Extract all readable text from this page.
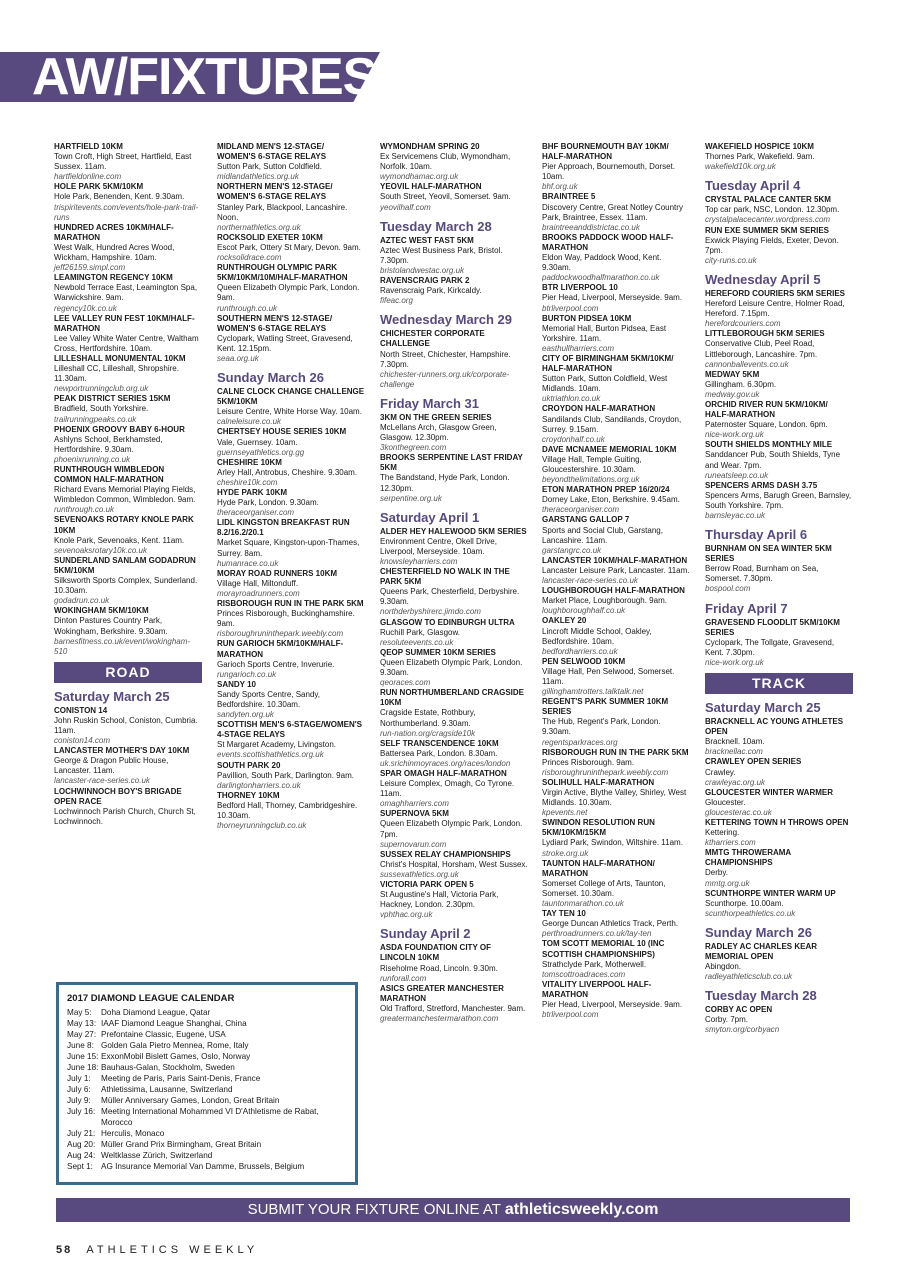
AW/FIXTURES
HARTFIELD 10KM
Town Croft, High Street, Hartfield, East Sussex. 11am.
hartfieldonline.com
HOLE PARK 5KM/10KM
Hole Park, Benenden, Kent. 9.30am.
trispiritevents.com/events/hole-park-trail-runs
HUNDRED ACRES 10KM/HALF-MARATHON
West Walk, Hundred Acres Wood, Wickham, Hampshire. 10am.
jeff26159.simpl.com
LEAMINGTON REGENCY 10KM
Newbold Terrace East, Leamington Spa, Warwickshire. 9am.
regency10k.co.uk
LEE VALLEY RUN FEST 10KM/HALF-MARATHON
Lee Valley White Water Centre, Waltham Cross, Hertfordshire. 10am.
LILLESHALL MONUMENTAL 10KM
Lilleshall CC, Lilleshall, Shropshire. 11.30am.
newportrunningclub.org.uk
PEAK DISTRICT SERIES 15KM
Bradfield, South Yorkshire.
trailrunningpeaks.co.uk
PHOENIX GROOVY BABY 6-HOUR
Ashlyns School, Berkhamsted, Hertfordshire. 9.30am.
phoenixrunning.co.uk
RUNTHROUGH WIMBLEDON COMMON HALF-MARATHON
Richard Evans Memorial Playing Fields, Wimbledon Common, Wimbledon. 9am.
runthrough.co.uk
SEVENOAKS ROTARY KNOLE PARK 10KM
Knole Park, Sevenoaks, Kent. 11am.
sevenoaksrotary10k.co.uk
SUNDERLAND SANLAM GODADRUN 5KM/10KM
Silksworth Sports Complex, Sunderland. 10.30am.
godadrun.co.uk
WOKINGHAM 5KM/10KM
Dinton Pastures Country Park, Wokingham, Berkshire. 9.30am.
barnesfitness.co.uk/event/wokingham-510
ROAD
Saturday March 25
CONISTON 14
John Ruskin School, Coniston, Cumbria. 11am.
coniston14.com
LANCASTER MOTHER'S DAY 10KM
George & Dragon Public House, Lancaster. 11am.
lancaster-race-series.co.uk
LOCHWINNOCH BOY'S BRIGADE OPEN RACE
Lochwinnoch Parish Church, Church St, Lochwinnoch.
MIDLAND MEN'S 12-STAGE/ WOMEN'S 6-STAGE RELAYS
Sutton Park, Sutton Coldfield.
midlandathletics.org.uk
NORTHERN MEN'S 12-STAGE/ WOMEN'S 6-STAGE RELAYS
Stanley Park, Blackpool, Lancashire. Noon.
northernathletics.org.uk
ROCKSOLID EXETER 10KM
Escot Park, Ottery St Mary, Devon. 9am.
rocksolidrace.com
RUNTHROUGH OLYMPIC PARK 5KM/10KM/10M/HALF-MARATHON
Queen Elizabeth Olympic Park, London. 9am.
runthrough.co.uk
SOUTHERN MEN'S 12-STAGE/ WOMEN'S 6-STAGE RELAYS
Cyclopark, Watling Street, Gravesend, Kent. 12.15pm.
seaa.org.uk
Sunday March 26
CALNE CLOCK CHANGE CHALLENGE 5KM/10KM
Leisure Centre, White Horse Way. 10am.
calneleisure.co.uk
CHERTSEY HOUSE SERIES 10KM
Vale, Guernsey. 10am.
guernseyathletics.org.gg
CHESHIRE 10KM
Arley Hall, Antrobus, Cheshire. 9.30am.
cheshire10k.com
HYDE PARK 10KM
Hyde Park, London. 9.30am.
theraceorganiser.com
LIDL KINGSTON BREAKFAST RUN 8.2/16.2/20.1
Market Square, Kingston-upon-Thames, Surrey. 8am.
humanrace.co.uk
MORAY ROAD RUNNERS 10KM
Village Hall, Miltonduff.
morayroadrunners.com
RISBOROUGH RUN IN THE PARK 5KM
Princes Risborough, Buckinghamshire. 9am.
risboroughruninthepark.weebly.com
RUN GARIOCH 5KM/10KM/HALF-MARATHON
Garioch Sports Centre, Inverurie.
rungarioch.co.uk
SANDY 10
Sandy Sports Centre, Sandy, Bedfordshire. 10.30am.
sandyten.org.uk
SCOTTISH MEN'S 6-STAGE/WOMEN'S 4-STAGE RELAYS
St Margaret Academy, Livingston.
events.scottishathletics.org.uk
SOUTH PARK 20
Pavillion, South Park, Darlington. 9am.
darlingtonharriers.co.uk
THORNEY 10KM
Bedford Hall, Thorney, Cambridgeshire. 10.30am.
thorneyrunningclub.co.uk
WYMONDHAM SPRING 20
Ex Servicemens Club, Wymondham, Norfolk. 10am.
wymondhamac.org.uk
YEOVIL HALF-MARATHON
South Street, Yeovil, Somerset. 9am.
yeovilhalf.com
Tuesday March 28
AZTEC WEST FAST 5KM
Aztec West Business Park, Bristol. 7.30pm.
bristolandwestac.org.uk
RAVENSCRAIG PARK 2
Ravenscraig Park, Kirkcaldy.
fifeac.org
Wednesday March 29
CHICHESTER CORPORATE CHALLENGE
North Street, Chichester, Hampshire. 7.30pm.
chichester-runners.org.uk/corporate-challenge
Friday March 31
3KM ON THE GREEN SERIES
McLellans Arch, Glasgow Green, Glasgow. 12.30pm.
3konthegreen.com
BROOKS SERPENTINE LAST FRIDAY 5KM
The Bandstand, Hyde Park, London. 12.30pm.
serpentine.org.uk
Saturday April 1
ALDER HEY HALEWOOD 5KM SERIES
Environment Centre, Okell Drive, Liverpool, Merseyside. 10am.
knowsleyharriers.com
CHESTERFIELD NO WALK IN THE PARK 5KM
Queens Park, Chesterfield, Derbyshire. 9.30am.
northderbyshirerc.jimdo.com
GLASGOW TO EDINBURGH ULTRA
Ruchill Park, Glasgow.
resoluteevents.co.uk
QEOP SUMMER 10KM SERIES
Queen Elizabeth Olympic Park, London. 9.30am.
qeoraces.com
RUN NORTHUMBERLAND CRAGSIDE 10KM
Cragside Estate, Rothbury, Northumberland. 9.30am.
run-nation.org/cragside10k
SELF TRANSCENDENCE 10KM
Battersea Park, London. 8.30am.
uk.srichinmoyraces.org/races/london
SPAR OMAGH HALF-MARATHON
Leisure Complex, Omagh, Co Tyrone. 11am.
omaghharriers.com
SUPERNOVA 5KM
Queen Elizabeth Olympic Park, London. 7pm.
supernovarun.com
SUSSEX RELAY CHAMPIONSHIPS
Christ's Hospital, Horsham, West Sussex.
sussexathletics.org.uk
VICTORIA PARK OPEN 5
St Augustine's Hall, Victoria Park, Hackney, London. 2.30pm.
vphthac.org.uk
Sunday April 2
ASDA FOUNDATION CITY OF LINCOLN 10KM
Riseholme Road, Lincoln. 9.30m.
runforall.com
ASICS GREATER MANCHESTER MARATHON
Old Trafford, Stretford, Manchester. 9am.
greatermanchestermarathon.com
BHF BOURNEMOUTH BAY 10KM/ HALF-MARATHON
Pier Approach, Bournemouth, Dorset. 10am.
bhf.org.uk
BRAINTREE 5
Discovery Centre, Great Notley Country Park, Braintree, Essex. 11am.
braintreeanddistrictac.co.uk
BROOKS PADDOCK WOOD HALF-MARATHON
Eldon Way, Paddock Wood, Kent. 9.30am.
paddockwoodhalfmarathon.co.uk
BTR LIVERPOOL 10
Pier Head, Liverpool, Merseyside. 9am.
btrliverpool.com
BURTON PIDSEA 10KM
Memorial Hall, Burton Pidsea, East Yorkshire. 11am.
easthullharriers.com
CITY OF BIRMINGHAM 5KM/10KM/ HALF-MARATHON
Sutton Park, Sutton Coldfield, West Midlands. 10am.
uktriathlon.co.uk
CROYDON HALF-MARATHON
Sandilands Club, Sandilands, Croydon, Surrey. 9.15am.
croydonhalf.co.uk
DAVE MCNAMEE MEMORIAL 10KM
Village Hall, Temple Guiting, Gloucestershire. 10.30am.
beyondthelimitations.org.uk
ETON MARATHON PREP 16/20/24
Dorney Lake, Eton, Berkshire. 9.45am.
theraceorganiser.com
GARSTANG GALLOP 7
Sports and Social Club, Garstang, Lancashire. 11am.
garstangrc.co.uk
LANCASTER 10KM/HALF-MARATHON
Lancaster Leisure Park, Lancaster. 11am.
lancaster-race-series.co.uk
LOUGHBOROUGH HALF-MARATHON
Market Place, Loughborough. 9am.
loughboroughhalf.co.uk
OAKLEY 20
Lincroft Middle School, Oakley, Bedfordshire. 10am.
bedfordharriers.co.uk
PEN SELWOOD 10KM
Village Hall, Pen Selwood, Somerset. 11am.
gillinghamtrotters.talktalk.net
REGENT'S PARK SUMMER 10KM SERIES
The Hub, Regent's Park, London. 9.30am.
regentsparkraces.org
RISBOROUGH RUN IN THE PARK 5KM
Princes Risborough. 9am.
risboroughruninthepark.weebly.com
SOLIHULL HALF-MARATHON
Virgin Active, Blythe Valley, Shirley, West Midlands. 10.30am.
kpevents.net
SWINDON RESOLUTION RUN 5KM/10KM/15KM
Lydiard Park, Swindon, Wiltshire. 11am.
stroke.org.uk
TAUNTON HALF-MARATHON/ MARATHON
Somerset College of Arts, Taunton, Somerset. 10.30am.
tauntonmarathon.co.uk
TAY TEN 10
George Duncan Athletics Track, Perth.
perthroadrunners.co.uk/tay-ten
TOM SCOTT MEMORIAL 10 (INC SCOTTISH CHAMPIONSHIPS)
Strathclyde Park, Motherwell.
tomscottroadraces.com
VITALITY LIVERPOOL HALF-MARATHON
Pier Head, Liverpool, Merseyside. 9am.
btrliverpool.com
WAKEFIELD HOSPICE 10KM
Thornes Park, Wakefield. 9am.
wakefield10k.org.uk
Tuesday April 4
CRYSTAL PALACE CANTER 5KM
Top car park, NSC, London. 12.30pm.
crystalpalacecanter.wordpress.com
RUN EXE SUMMER 5KM SERIES
Exwick Playing Fields, Exeter, Devon. 7pm.
city-runs.co.uk
Wednesday April 5
HEREFORD COURIERS 5KM SERIES
Hereford Leisure Centre, Holmer Road, Hereford. 7.15pm.
herefordcouriers.com
LITTLEBOROUGH 5KM SERIES
Conservative Club, Peel Road, Littleborough, Lancashire. 7pm.
cannonballevents.co.uk
MEDWAY 5KM
Gillingham. 6.30pm.
medway.gov.uk
ORCHID RIVER RUN 5KM/10KM/ HALF-MARATHON
Paternoster Square, London. 6pm.
nice-work.org.uk
SOUTH SHIELDS MONTHLY MILE
Sanddancer Pub, South Shields, Tyne and Wear. 7pm.
runeatsleep.co.uk
SPENCERS ARMS DASH 3.75
Spencers Arms, Barugh Green, Barnsley, South Yorkshire. 7pm.
barnsleyac.co.uk
Thursday April 6
BURNHAM ON SEA WINTER 5KM SERIES
Berrow Road, Burnham on Sea, Somerset. 7.30pm.
bospool.com
Friday April 7
GRAVESEND FLOODLIT 5KM/10KM SERIES
Cyclopark, The Tollgate, Gravesend, Kent. 7.30pm.
nice-work.org.uk
TRACK
Saturday March 25
BRACKNELL AC YOUNG ATHLETES OPEN
Bracknell. 10am.
bracknellac.com
CRAWLEY OPEN SERIES
Crawley.
crawleyac.org.uk
GLOUCESTER WINTER WARMER
Gloucester.
gloucesterac.co.uk
KETTERING TOWN H THROWS OPEN
Kettering.
ktharriers.com
MMTG THROWERAMA CHAMPIONSHIPS
Derby.
mmtg.org.uk
SCUNTHORPE WINTER WARM UP
Scunthorpe. 10.00am.
scunthorpeathletics.co.uk
Sunday March 26
RADLEY AC CHARLES KEAR MEMORIAL OPEN
Abingdon.
radleyathleticsclub.co.uk
Tuesday March 28
CORBY AC OPEN
Corby. 7pm.
smyton.org/corbyacn
2017 DIAMOND LEAGUE CALENDAR
May 5:	Doha Diamond League, Qatar
May 13: IAAF Diamond League Shanghai, China
May 27: Prefontaine Classic, Eugene, USA
June 8: Golden Gala Pietro Mennea, Rome, Italy
June 15: ExxonMobil Bislett Games, Oslo, Norway
June 18: Bauhaus-Galan, Stockholm, Sweden
July 1:	Meeting de Paris, Paris Saint-Denis, France
July 6:	Athletissima, Lausanne, Switzerland
July 9:	Müller Anniversary Games, London, Great Britain
July 16: Meeting International Mohammed VI D'Athletisme de Rabat, Morocco
July 21: Herculis, Monaco
Aug 20: Müller Grand Prix Birmingham, Great Britain
Aug 24: Weltklasse Zürich, Switzerland
Sept 1: AG Insurance Memorial Van Damme, Brussels, Belgium
SUBMIT YOUR FIXTURE ONLINE AT athleticsweekly.com
58 ATHLETICS WEEKLY
